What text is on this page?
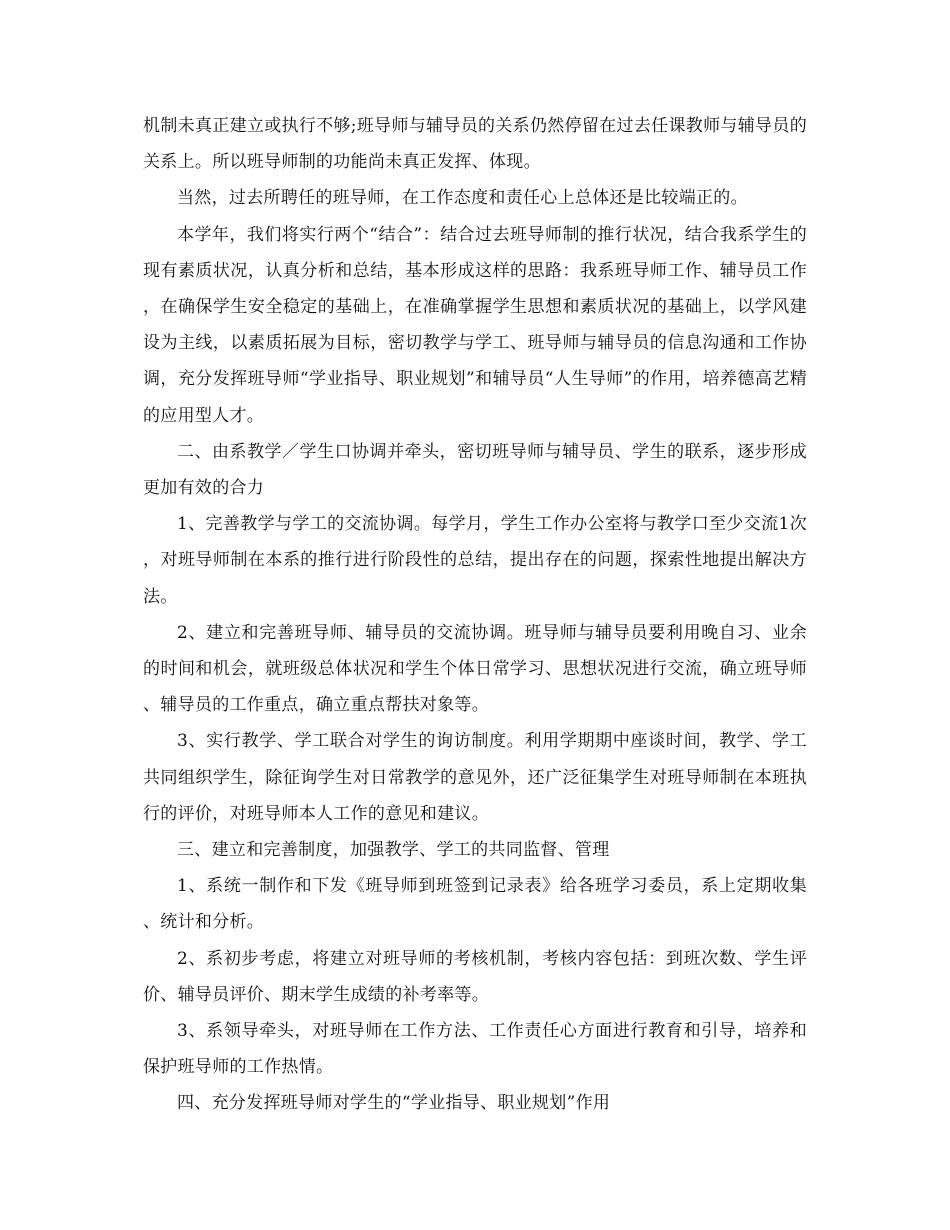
机制未真正建立或执行不够;班导师与辅导员的关系仍然停留在过去任课教师与辅导员的关系上。所以班导师制的功能尚未真正发挥、体现。

当然，过去所聘任的班导师，在工作态度和责任心上总体还是比较端正的。

本学年，我们将实行两个“结合”：结合过去班导师制的推行状况，结合我系学生的现有素质状况，认真分析和总结，基本形成这样的思路：我系班导师工作、辅导员工作，在确保学生安全稳定的基础上，在准确掌握学生思想和素质状况的基础上，以学风建设为主线，以素质拓展为目标，密切教学与学工、班导师与辅导员的信息沟通和工作协调，充分发挥班导师“学业指导、职业规划”和辅导员“人生导师”的作用，培养德高艺精的应用型人才。

二、由系教学／学生口协调并牵头，密切班导师与辅导员、学生的联系，逐步形成更加有效的合力

1、完善教学与学工的交流协调。每学月，学生工作办公室将与教学口至少交流1次，对班导师制在本系的推行进行阶段性的总结，提出存在的问题，探索性地提出解决方法。

2、建立和完善班导师、辅导员的交流协调。班导师与辅导员要利用晚自习、业余的时间和机会，就班级总体状况和学生个体日常学习、思想状况进行交流，确立班导师、辅导员的工作重点，确立重点帮扶对象等。

3、实行教学、学工联合对学生的询访制度。利用学期期中座谈时间，教学、学工共同组织学生，除征询学生对日常教学的意见外，还广泛征集学生对班导师制在本班执行的评价，对班导师本人工作的意见和建议。

三、建立和完善制度，加强教学、学工的共同监督、管理

1、系统一制作和下发《班导师到班签到记录表》给各班学习委员，系上定期收集、统计和分析。

2、系初步考虑，将建立对班导师的考核机制，考核内容包括：到班次数、学生评价、辅导员评价、期末学生成绩的补考率等。

3、系领导牵头，对班导师在工作方法、工作责任心方面进行教育和引导，培养和保护班导师的工作热情。

四、充分发挥班导师对学生的“学业指导、职业规划”作用
